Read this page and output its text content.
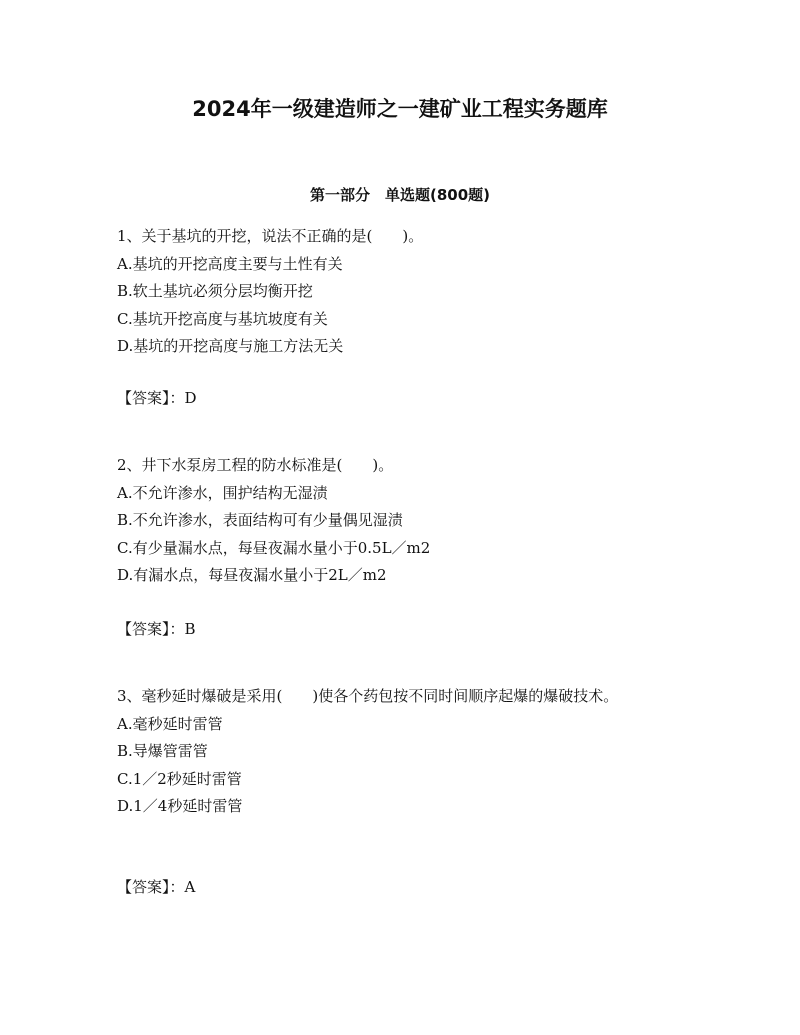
2024年一级建造师之一建矿业工程实务题库
第一部分　单选题(800题)

1、关于基坑的开挖，说法不正确的是(　　)。

A.基坑的开挖高度主要与土性有关

B.软土基坑必须分层均衡开挖

C.基坑开挖高度与基坑坡度有关

D.基坑的开挖高度与施工方法无关

【答案】：D

2、井下水泵房工程的防水标准是(　　)。

A.不允许渗水，围护结构无湿渍

B.不允许渗水，表面结构可有少量偶见湿渍

C.有少量漏水点，每昼夜漏水量小于0.5L／m2

D.有漏水点，每昼夜漏水量小于2L／m2

【答案】：B

3、毫秒延时爆破是采用(　　)使各个药包按不同时间顺序起爆的爆破技术。

A.毫秒延时雷管

B.导爆管雷管

C.1／2秒延时雷管

D.1／4秒延时雷管

【答案】：A
